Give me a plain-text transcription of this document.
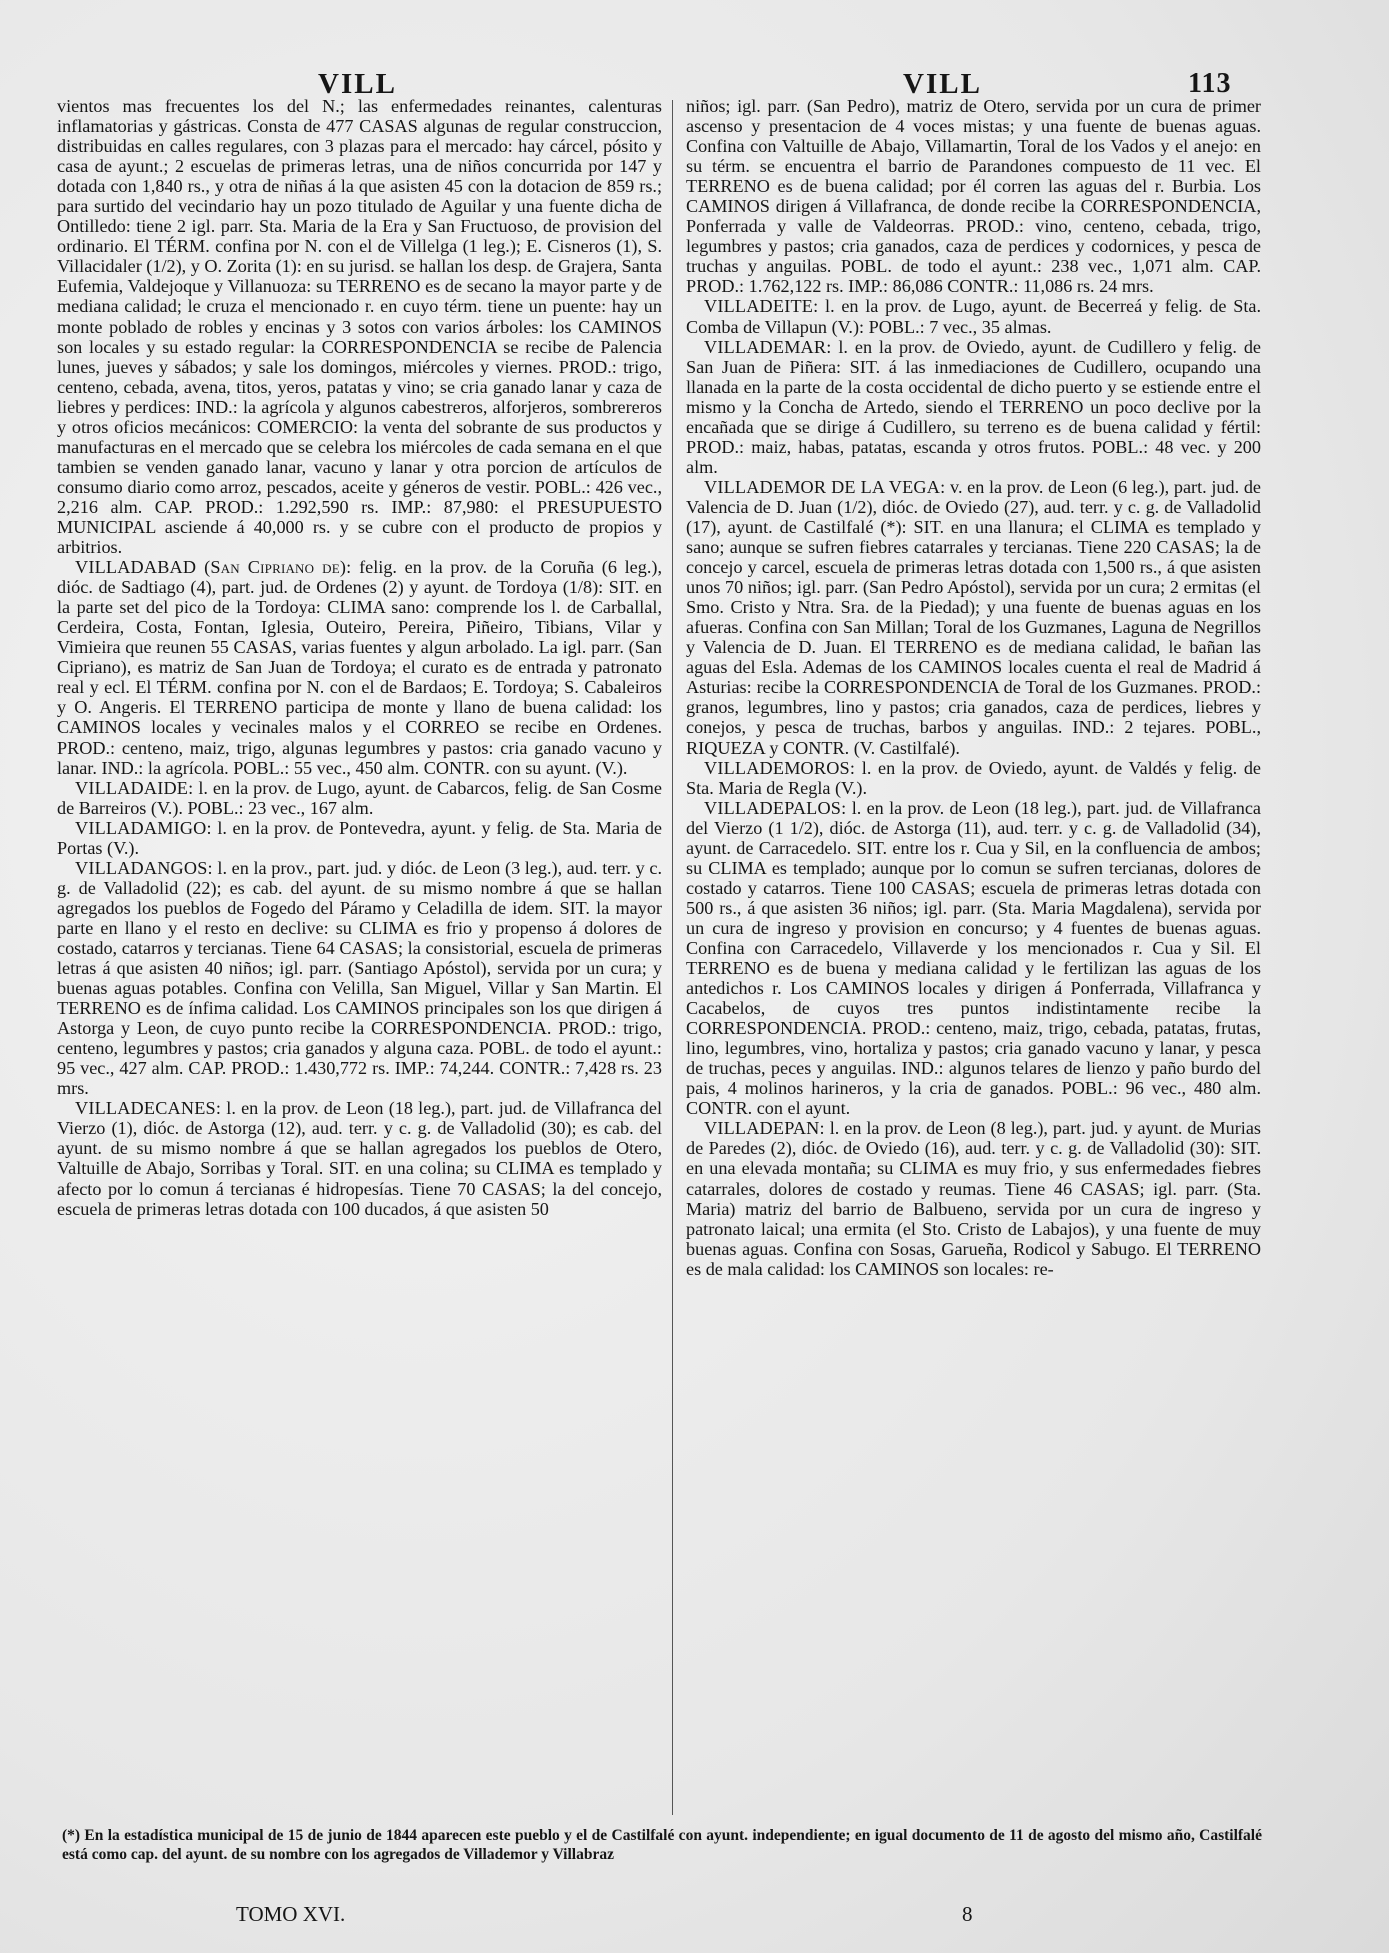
VILL	VILL	113

vientos mas frecuentes los del N.; las enfermedades reinantes, calenturas inflamatorias y gástricas. Consta de 477 CASAS algunas de regular construccion, distribuidas en calles regulares, con 3 plazas para el mercado: hay cárcel, pósito y casa de ayunt.; 2 escuelas de primeras letras, una de niños concurrida por 147 y dotada con 1,840 rs., y otra de niñas á la que asisten 45 con la dotacion de 859 rs.; para surtido del vecindario hay un pozo titulado de Aguilar y una fuente dicha de Ontilledo: tiene 2 igl. parr. Sta. Maria de la Era y San Fructuoso, de provision del ordinario. El TÉRM. confina por N. con el de Villelga (1 leg.); E. Cisneros (1), S. Villacidaler (1/2), y O. Zorita (1): en su jurisd. se hallan los desp. de Grajera, Santa Eufemia, Valdejoque y Villanuoza: su TERRENO es de secano la mayor parte y de mediana calidad; le cruza el mencionado r. en cuyo térm. tiene un puente: hay un monte poblado de robles y encinas y 3 sotos con varios árboles: los CAMINOS son locales y su estado regular: la CORRESPONDENCIA se recibe de Palencia lunes, jueves y sábados; y sale los domingos, miércoles y viernes. PROD.: trigo, centeno, cebada, avena, titos, yeros, patatas y vino; se cria ganado lanar y caza de liebres y perdices: IND.: la agrícola y algunos cabestreros, alforjeros, sombrereros y otros oficios mecánicos: COMERCIO: la venta del sobrante de sus productos y manufacturas en el mercado que se celebra los miércoles de cada semana en el que tambien se venden ganado lanar, vacuno y lanar y otra porcion de artículos de consumo diario como arroz, pescados, aceite y géneros de vestir. POBL.: 426 vec., 2,216 alm. CAP. PROD.: 1.292,590 rs. IMP.: 87,980: el PRESUPUESTO MUNICIPAL asciende á 40,000 rs. y se cubre con el producto de propios y arbitrios.

VILLADABAD (San Cipriano de): felig. en la prov. de la Coruña (6 leg.), dióc. de Sadtiago (4), part. jud. de Ordenes (2) y ayunt. de Tordoya (1/8): SIT. en la parte set del pico de la Tordoya: CLIMA sano: comprende los l. de Carballal, Cerdeira, Costa, Fontan, Iglesia, Outeiro, Pereira, Piñeiro, Tibians, Vilar y Vimieira que reunen 55 CASAS, varias fuentes y algun arbolado. La igl. parr. (San Cipriano), es matriz de San Juan de Tordoya; el curato es de entrada y patronato real y ecl. El TÉRM. confina por N. con el de Bardaos; E. Tordoya; S. Cabaleiros y O. Angeris. El TERRENO participa de monte y llano de buena calidad: los CAMINOS locales y vecinales malos y el CORREO se recibe en Ordenes. PROD.: centeno, maiz, trigo, algunas legumbres y pastos: cria ganado vacuno y lanar. IND.: la agrícola. POBL.: 55 vec., 450 alm. CONTR. con su ayunt. (V.).

VILLADAIDE: l. en la prov. de Lugo, ayunt. de Cabarcos, felig. de San Cosme de Barreiros (V.). POBL.: 23 vec., 167 alm.

VILLADAMIGO: l. en la prov. de Pontevedra, ayunt. y felig. de Sta. Maria de Portas (V.).

VILLADANGOS: l. en la prov., part. jud. y dióc. de Leon (3 leg.), aud. terr. y c. g. de Valladolid (22); es cab. del ayunt. de su mismo nombre á que se hallan agregados los pueblos de Fogedo del Páramo y Celadilla de idem. SIT. la mayor parte en llano y el resto en declive: su CLIMA es frio y propenso á dolores de costado, catarros y tercianas. Tiene 64 CASAS; la consistorial, escuela de primeras letras á que asisten 40 niños; igl. parr. (Santiago Apóstol), servida por un cura; y buenas aguas potables. Confina con Velilla, San Miguel, Villar y San Martin. El TERRENO es de ínfima calidad. Los CAMINOS principales son los que dirigen á Astorga y Leon, de cuyo punto recibe la CORRESPONDENCIA. PROD.: trigo, centeno, legumbres y pastos; cria ganados y alguna caza. POBL. de todo el ayunt.: 95 vec., 427 alm. CAP. PROD.: 1.430,772 rs. IMP.: 74,244. CONTR.: 7,428 rs. 23 mrs.

VILLADECANES: l. en la prov. de Leon (18 leg.), part. jud. de Villafranca del Vierzo (1), dióc. de Astorga (12), aud. terr. y c. g. de Valladolid (30); es cab. del ayunt. de su mismo nombre á que se hallan agregados los pueblos de Otero, Valtuille de Abajo, Sorribas y Toral. SIT. en una colina; su CLIMA es templado y afecto por lo comun á tercianas é hidropesías. Tiene 70 CASAS; la del concejo, escuela de primeras letras dotada con 100 ducados, á que asisten 50

niños; igl. parr. (San Pedro), matriz de Otero, servida por un cura de primer ascenso y presentacion de 4 voces mistas; y una fuente de buenas aguas. Confina con Valtuille de Abajo, Villamartin, Toral de los Vados y el anejo: en su térm. se encuentra el barrio de Parandones compuesto de 11 vec. El TERRENO es de buena calidad; por él corren las aguas del r. Burbia. Los CAMINOS dirigen á Villafranca, de donde recibe la CORRESPONDENCIA, Ponferrada y valle de Valdeorras. PROD.: vino, centeno, cebada, trigo, legumbres y pastos; cria ganados, caza de perdices y codornices, y pesca de truchas y anguilas. POBL. de todo el ayunt.: 238 vec., 1,071 alm. CAP. PROD.: 1.762,122 rs. IMP.: 86,086 CONTR.: 11,086 rs. 24 mrs.

VILLADEITE: l. en la prov. de Lugo, ayunt. de Becerreá y felig. de Sta. Comba de Villapun (V.): POBL.: 7 vec., 35 almas.

VILLADEMAR: l. en la prov. de Oviedo, ayunt. de Cudillero y felig. de San Juan de Piñera: SIT. á las inmediaciones de Cudillero, ocupando una llanada en la parte de la costa occidental de dicho puerto y se estiende entre el mismo y la Concha de Artedo, siendo el TERRENO un poco declive por la encañada que se dirige á Cudillero, su terreno es de buena calidad y fértil: PROD.: maiz, habas, patatas, escanda y otros frutos. POBL.: 48 vec. y 200 alm.

VILLADEMOR DE LA VEGA: v. en la prov. de Leon (6 leg.), part. jud. de Valencia de D. Juan (1/2), dióc. de Oviedo (27), aud. terr. y c. g. de Valladolid (17), ayunt. de Castilfalé (*): SIT. en una llanura; el CLIMA es templado y sano; aunque se sufren fiebres catarrales y tercianas. Tiene 220 CASAS; la de concejo y carcel, escuela de primeras letras dotada con 1,500 rs., á que asisten unos 70 niños; igl. parr. (San Pedro Apóstol), servida por un cura; 2 ermitas (el Smo. Cristo y Ntra. Sra. de la Piedad); y una fuente de buenas aguas en los afueras. Confina con San Millan; Toral de los Guzmanes, Laguna de Negrillos y Valencia de D. Juan. El TERRENO es de mediana calidad, le bañan las aguas del Esla. Ademas de los CAMINOS locales cuenta el real de Madrid á Asturias: recibe la CORRESPONDENCIA de Toral de los Guzmanes. PROD.: granos, legumbres, lino y pastos; cria ganados, caza de perdices, liebres y conejos, y pesca de truchas, barbos y anguilas. IND.: 2 tejares. POBL., RIQUEZA y CONTR. (V. Castilfalé).

VILLADEMOROS: l. en la prov. de Oviedo, ayunt. de Valdés y felig. de Sta. Maria de Regla (V.).

VILLADEPALOS: l. en la prov. de Leon (18 leg.), part. jud. de Villafranca del Vierzo (1 1/2), dióc. de Astorga (11), aud. terr. y c. g. de Valladolid (34), ayunt. de Carracedelo. SIT. entre los r. Cua y Sil, en la confluencia de ambos; su CLIMA es templado; aunque por lo comun se sufren tercianas, dolores de costado y catarros. Tiene 100 CASAS; escuela de primeras letras dotada con 500 rs., á que asisten 36 niños; igl. parr. (Sta. Maria Magdalena), servida por un cura de ingreso y provision en concurso; y 4 fuentes de buenas aguas. Confina con Carracedelo, Villaverde y los mencionados r. Cua y Sil. El TERRENO es de buena y mediana calidad y le fertilizan las aguas de los antedichos r. Los CAMINOS locales y dirigen á Ponferrada, Villafranca y Cacabelos, de cuyos tres puntos indistintamente recibe la CORRESPONDENCIA. PROD.: centeno, maiz, trigo, cebada, patatas, frutas, lino, legumbres, vino, hortaliza y pastos; cria ganado vacuno y lanar, y pesca de truchas, peces y anguilas. IND.: algunos telares de lienzo y paño burdo del pais, 4 molinos harineros, y la cria de ganados. POBL.: 96 vec., 480 alm. CONTR. con el ayunt.

VILLADEPAN: l. en la prov. de Leon (8 leg.), part. jud. y ayunt. de Murias de Paredes (2), dióc. de Oviedo (16), aud. terr. y c. g. de Valladolid (30): SIT. en una elevada montaña; su CLIMA es muy frio, y sus enfermedades fiebres catarrales, dolores de costado y reumas. Tiene 46 CASAS; igl. parr. (Sta. Maria) matriz del barrio de Balbueno, servida por un cura de ingreso y patronato laical; una ermita (el Sto. Cristo de Labajos), y una fuente de muy buenas aguas. Confina con Sosas, Garueña, Rodicol y Sabugo. El TERRENO es de mala calidad: los CAMINOS son locales: re-

(*) En la estadística municipal de 15 de junio de 1844 aparecen este pueblo y el de Castilfalé con ayunt. independiente; en igual documento de 11 de agosto del mismo año, Castilfalé está como cap. del ayunt. de su nombre con los agregados de Villademor y Villabraz
TOMO XVI.	8
